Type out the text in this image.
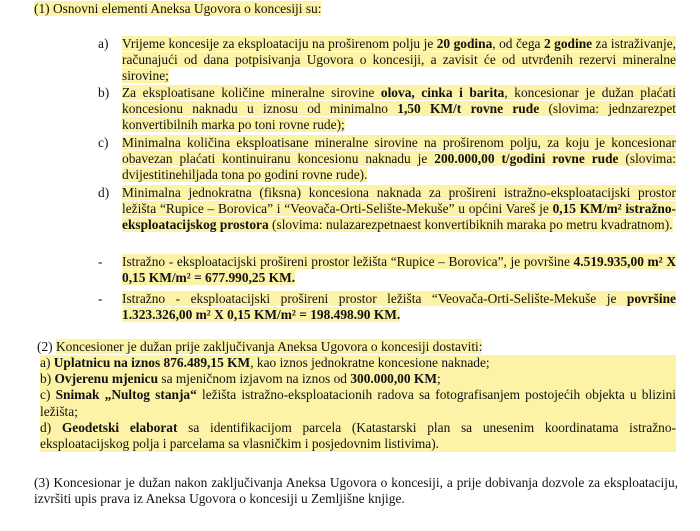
(1) Osnovni elementi Aneksa Ugovora o koncesiji su:
a)	Vrijeme koncesije za eksploataciju na proširenom polju je 20 godina, od čega 2 godine za istraživanje, računajući od dana potpisivanja Ugovora o koncesiji, a zavisit će od utvrđenih rezervi mineralne sirovine;
b) Za eksploatisane količine mineralne sirovine olova, cinka i barita, koncesionar je dužan plaćati koncesionu naknadu u iznosu od minimalno 1,50 KM/t rovne rude (slovima: jednzarezpet konvertibilnih marka po toni rovne rude);
c)	Minimalna količina eksploatisane mineralne sirovine na proširenom polju, za koju je koncesionar obavezan plaćati kontinuiranu koncesionu naknadu je 200.000,00 t/godini rovne rude (slovima: dvijestitinehiljada tona po godini rovne rude).
d) Minimalna jednokratna (fiksna) koncesiona naknada za prošireni istražno-eksploatacijski prostor ležišta “Rupice – Borovica” i “Veovača-Orti-Selište-Mekuše” u općini Vareš je 0,15 KM/m² istražno-eksploatacijskog prostora (slovima: nulazarezpetnaest konvertibiknih maraka po metru kvadratnom).
-	Istražno - eksploatacijski prošireni prostor ležišta “Rupice – Borovica”, je površine 4.519.935,00 m² X 0,15 KM/m² = 677.990,25 KM.
-	Istražno - eksploatacijski prošireni prostor ležišta “Veovača-Orti-Selište-Mekuše je površine 1.323.326,00 m² X 0,15 KM/m² = 198.498.90 KM.
(2) Koncesioner je dužan prije zaključivanja Aneksa Ugovora o koncesiji dostaviti:
a) Uplatnicu na iznos 876.489,15 KM, kao iznos jednokratne koncesione naknade;
b) Ovjerenu mjenicu sa mjeničnom izjavom na iznos od 300.000,00 KM;
c) Snimak „Nultog stanja“ ležišta istražno-eksploatacionih radova sa fotografisanjem postojećih objekta u blizini ležišta;
d) Geodetski elaborat sa identifikacijom parcela (Katastarski plan sa unesenim koordinatama istražno-eksploatacijskog polja i parcelama sa vlasničkim i posjedovnim listivima).
(3) Koncesionar je dužan nakon zaključivanja Aneksa Ugovora o koncesiji, a prije dobivanja dozvole za eksploataciju, izvršiti upis prava iz Aneksa Ugovora o koncesiji u Zemljišne knjige.
